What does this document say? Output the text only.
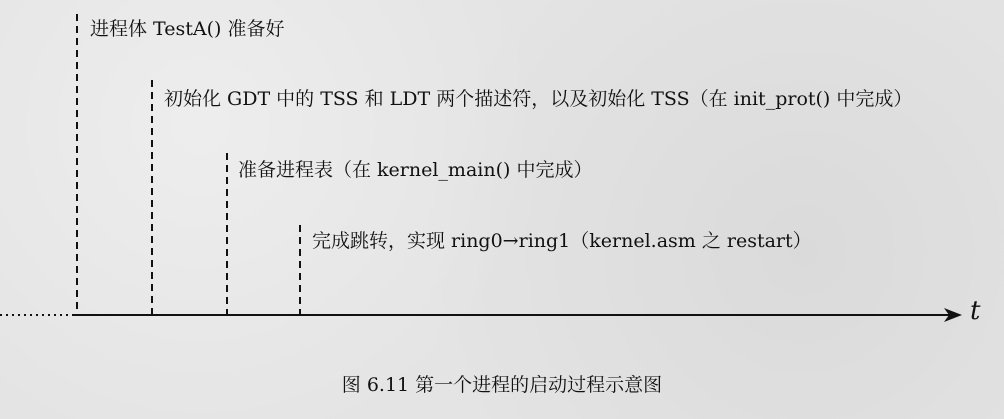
进程体 TestA() 准备好
初始化 GDT 中的 TSS 和 LDT 两个描述符，以及初始化 TSS（在 init_prot() 中完成）
准备进程表（在 kernel_main() 中完成）
完成跳转，实现 ring0→ring1（kernel.asm 之 restart）
t
图 6.11 第一个进程的启动过程示意图
